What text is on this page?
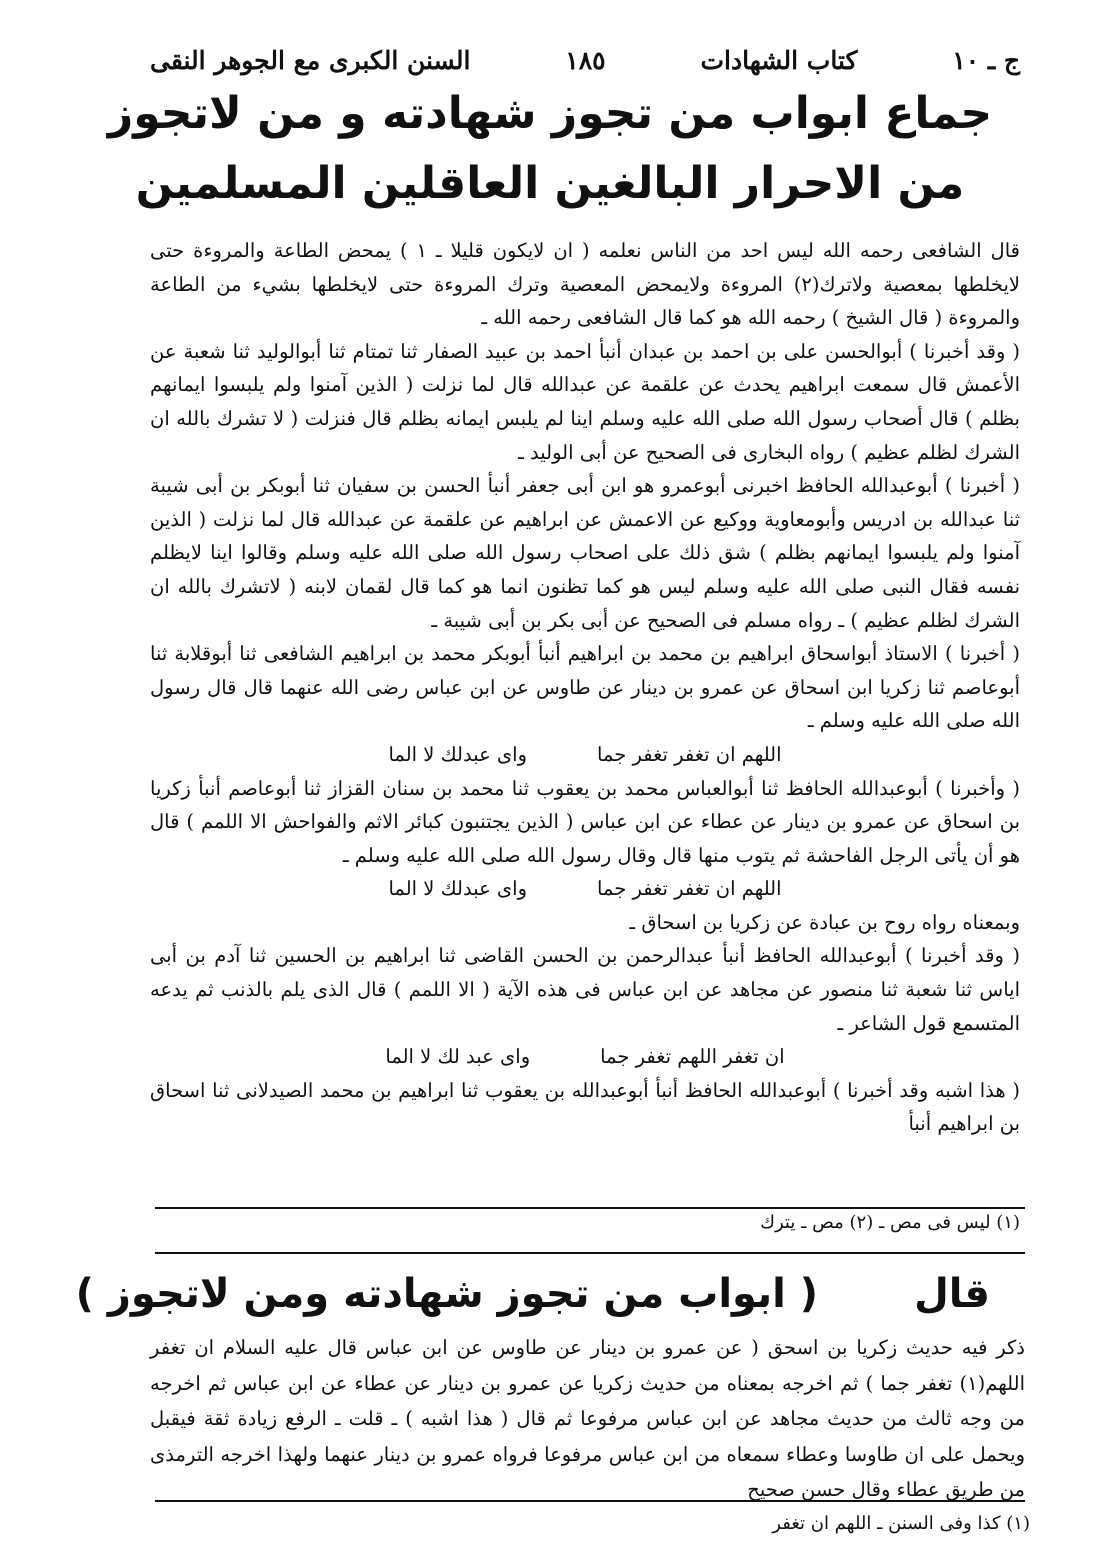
السنن الكبرى مع الجوهر النقى	١٨٥	كتاب الشهادات	ج ـ ١٠
جماع ابواب من تجوز شهادته و من لاتجوز
من الاحرار البالغين العاقلين المسلمين

قال الشافعى رحمه الله ليس احد من الناس نعلمه ( ان لايكون قليلا ـ ١ ) يمحض الطاعة والمروءة حتى لايخلطها بمعصية ولاترك(٢) المروءة ولايمحض المعصية وترك المروءة حتى لايخلطها بشيء من الطاعة والمروءة ( قال الشيخ ) رحمه الله هو كما قال الشافعى رحمه الله ـ

( وقد أخبرنا ) أبوالحسن على بن احمد بن عبدان أنبأ احمد بن عبيد الصفار ثنا تمتام ثنا أبوالوليد ثنا شعبة عن الأعمش قال سمعت ابراهيم يحدث عن علقمة عن عبدالله قال لما نزلت ( الذين آمنوا ولم يلبسوا ايمانهم بظلم ) قال أصحاب رسول الله صلى الله عليه وسلم اينا لم يلبس ايمانه بظلم قال فنزلت ( لا تشرك بالله ان الشرك لظلم عظيم ) رواه البخارى فى الصحيح عن أبى الوليد ـ

( أخبرنا ) أبوعبدالله الحافظ اخبرنى أبوعمرو هو ابن أبى جعفر أنبأ الحسن بن سفيان ثنا أبوبكر بن أبى شيبة ثنا عبدالله بن ادريس وأبومعاوية ووكيع عن الاعمش عن ابراهيم عن علقمة عن عبدالله قال لما نزلت ( الذين آمنوا ولم يلبسوا ايمانهم بظلم ) شق ذلك على اصحاب رسول الله صلى الله عليه وسلم وقالوا اينا لايظلم نفسه فقال النبى صلى الله عليه وسلم ليس هو كما تظنون انما هو كما قال لقمان لابنه ( لاتشرك بالله ان الشرك لظلم عظيم ) ـ رواه مسلم فى الصحيح عن أبى بكر بن أبى شيبة ـ

( أخبرنا ) الاستاذ أبواسحاق ابراهيم بن محمد بن ابراهيم أنبأ أبوبكر محمد بن ابراهيم الشافعى ثنا أبوقلابة ثنا أبوعاصم ثنا زكريا ابن اسحاق عن عمرو بن دينار عن طاوس عن ابن عباس رضى الله عنهما قال قال رسول الله صلى الله عليه وسلم ـ

اللهم ان تغفر تغفر جما
واى عبدلك لا الما

( وأخبرنا ) أبوعبدالله الحافظ ثنا أبوالعباس محمد بن يعقوب ثنا محمد بن سنان القزاز ثنا أبوعاصم أنبأ زكريا بن اسحاق عن عمرو بن دينار عن عطاء عن ابن عباس ( الذين يجتنبون كبائر الاثم والفواحش الا اللمم ) قال هو أن يأتى الرجل الفاحشة ثم يتوب منها قال وقال رسول الله صلى الله عليه وسلم ـ

اللهم ان تغفر تغفر جما
واى عبدلك لا الما

وبمعناه رواه روح بن عبادة عن زكريا بن اسحاق ـ

( وقد أخبرنا ) أبوعبدالله الحافظ أنبأ عبدالرحمن بن الحسن القاضى ثنا ابراهيم بن الحسين ثنا آدم بن أبى اياس ثنا شعبة ثنا منصور عن مجاهد عن ابن عباس فى هذه الآية ( الا اللمم ) قال الذى يلم بالذنب ثم يدعه المتسمع قول الشاعر ـ

ان تغفر اللهم تغفر جما
واى عبد لك لا الما

( هذا اشبه وقد أخبرنا ) أبوعبدالله الحافظ أنبأ أبوعبدالله بن يعقوب ثنا ابراهيم بن محمد الصيدلانى ثنا اسحاق بن ابراهيم أنبأ

(١) ليس فى مص ـ (٢) مص ـ يترك
قال
( ابواب من تجوز شهادته ومن لاتجوز )

ذكر فيه حديث زكريا بن اسحق ( عن عمرو بن دينار عن طاوس عن ابن عباس قال عليه السلام ان تغفر اللهم(١) تغفر جما ) ثم اخرجه بمعناه من حديث زكريا عن عمرو بن دينار عن عطاء عن ابن عباس ثم اخرجه من وجه ثالث من حديث مجاهد عن ابن عباس مرفوعا ثم قال ( هذا اشبه ) ـ قلت ـ الرفع زيادة ثقة فيقبل ويحمل على ان طاوسا وعطاء سمعاه من ابن عباس مرفوعا فرواه عمرو بن دينار عنهما ولهذا اخرجه الترمذى من طريق عطاء وقال حسن صحيح

(١) كذا وفى السنن ـ اللهم ان تغفر
